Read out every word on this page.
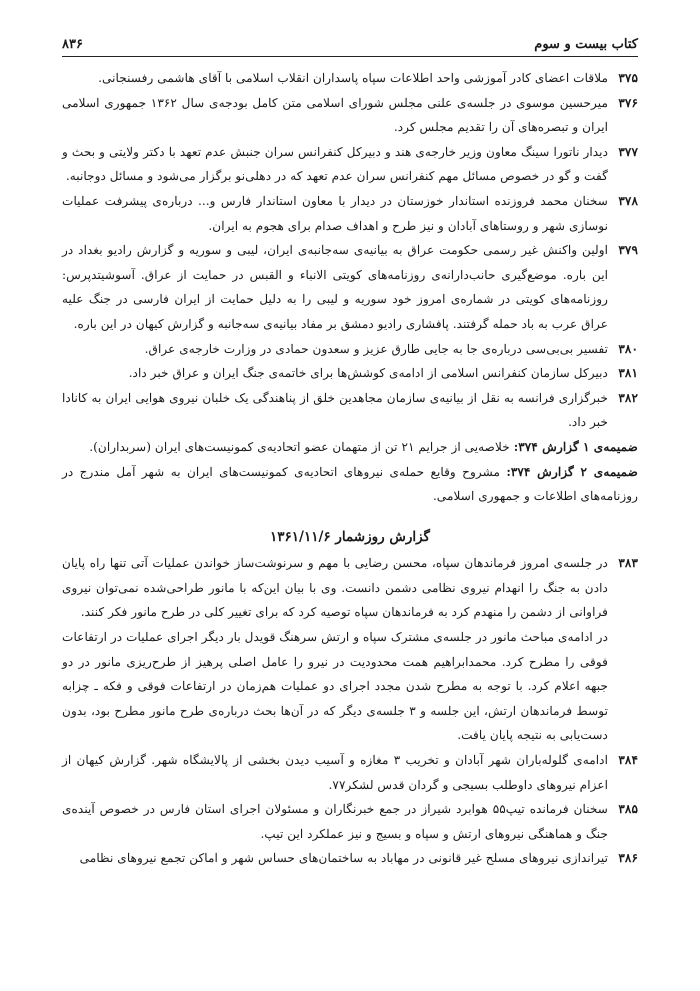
کتاب بیست و سوم
۸۳۶
۳۷۵
ملاقات اعضای کادر آموزشی واحد اطلاعات سپاه پاسداران انقلاب اسلامی با آقای هاشمی رفسنجانی.
۳۷۶
میرحسین موسوی در جلسه‌ی علنی مجلس شورای اسلامی متن کامل بودجه‌ی سال ۱۳۶۲ جمهوری اسلامی ایران و تبصره‌های آن را تقدیم مجلس کرد.
۳۷۷
دیدار ناتورا سینگ معاون وزیر خارجه‌ی هند و دبیرکل کنفرانس سران جنبش عدم تعهد با دکتر ولایتی و بحث و گفت و گو در خصوص مسائل مهم کنفرانس سران عدم تعهد که در دهلی‌نو برگزار می‌شود و مسائل دوجانبه.
۳۷۸
سخنان محمد فروزنده استاندار خوزستان در دیدار با معاون استاندار فارس و... درباره‌ی پیشرفت عملیات نوسازی شهر و روستاهای آبادان و نیز طرح و اهداف صدام برای هجوم به ایران.
۳۷۹
اولین واکنش غیر رسمی حکومت عراق به بیانیه‌ی سه‌جانبه‌ی ایران، لیبی و سوریه و گزارش رادیو بغداد در این باره. موضع‌گیری حانب‌دارانه‌ی روزنامه‌های کویتی الانباء و القبس در حمایت از عراق. آسوشیتدپرس: روزنامه‌های کویتی در شماره‌ی امروز خود سوریه و لیبی را به دلیل حمایت از ایران فارسی در جنگ علیه عراق عرب به باد حمله گرفتند. پافشاری رادیو دمشق بر مفاد بیانیه‌ی سه‌جانبه و گزارش کیهان در این باره.
۳۸۰
تفسیر بی‌بی‌سی درباره‌ی جا به جایی طارق عزیز و سعدون حمادی در وزارت خارجه‌ی عراق.
۳۸۱
دبیرکل سازمان کنفرانس اسلامی از ادامه‌ی کوشش‌ها برای خاتمه‌ی جنگ ایران و عراق خبر داد.
۳۸۲
خبرگزاری فرانسه به نقل از بیانیه‌ی سازمان مجاهدین خلق از پناهندگی یک خلبان نیروی هوایی ایران به کانادا خبر داد.
ضمیمه‌ی ۱ گزارش ۳۷۴: خلاصه‌یی از جرایم ۲۱ تن از متهمان عضو اتحادیه‌ی کمونیست‌های ایران (سربداران).
ضمیمه‌ی ۲ گزارش ۳۷۴: مشروح وقایع حمله‌ی نیروهای اتحادیه‌ی کمونیست‌های ایران به شهر آمل مندرج در روزنامه‌های اطلاعات و جمهوری اسلامی.
گزارش روزشمار ۱۳۶۱/۱۱/۶
۳۸۳
در جلسه‌ی امروز فرماندهان سپاه، محسن رضایی با مهم و سرنوشت‌ساز خواندن عملیات آتی تنها راه پایان دادن به جنگ را انهدام نیروی نظامی دشمن دانست. وی با بیان این‌که با مانور طراحی‌شده نمی‌توان نیروی فراوانی از دشمن را منهدم کرد به فرماندهان سپاه توصیه کرد که برای تغییر کلی در طرح مانور فکر کنند.
در ادامه‌ی مباحث مانور در جلسه‌ی مشترک سپاه و ارتش سرهنگ قویدل بار دیگر اجرای عملیات در ارتفاعات فوقی را مطرح کرد. محمدابراهیم همت محدودیت در نیرو را عامل اصلی پرهیز از طرح‌ریزی مانور در دو جبهه اعلام کرد. با توجه به مطرح شدن مجدد اجرای دو عملیات هم‌زمان در ارتفاعات فوقی و فکه ـ چزابه توسط فرماندهان ارتش، این جلسه و ۳ جلسه‌ی دیگر که در آن‌ها بحث درباره‌ی طرح مانور مطرح بود، بدون دست‌یابی به نتیجه پایان یافت.
۳۸۴
ادامه‌ی گلوله‌باران شهر آبادان و تخریب ۳ مغازه و آسیب دیدن بخشی از پالایشگاه شهر. گزارش کیهان از اعزام نیروهای داوطلب بسیجی و گردان قدس لشکر۷۷.
۳۸۵
سخنان فرمانده تیپ۵۵ هوابرد شیراز در جمع خبرنگاران و مسئولان اجرای استان فارس در خصوص آینده‌ی جنگ و هماهنگی نیروهای ارتش و سپاه و بسیج و نیز عملکرد این تیپ.
۳۸۶
تیراندازی نیروهای مسلح غیر قانونی در مهاباد به ساختمان‌های حساس شهر و اماکن تجمع نیروهای نظامی
